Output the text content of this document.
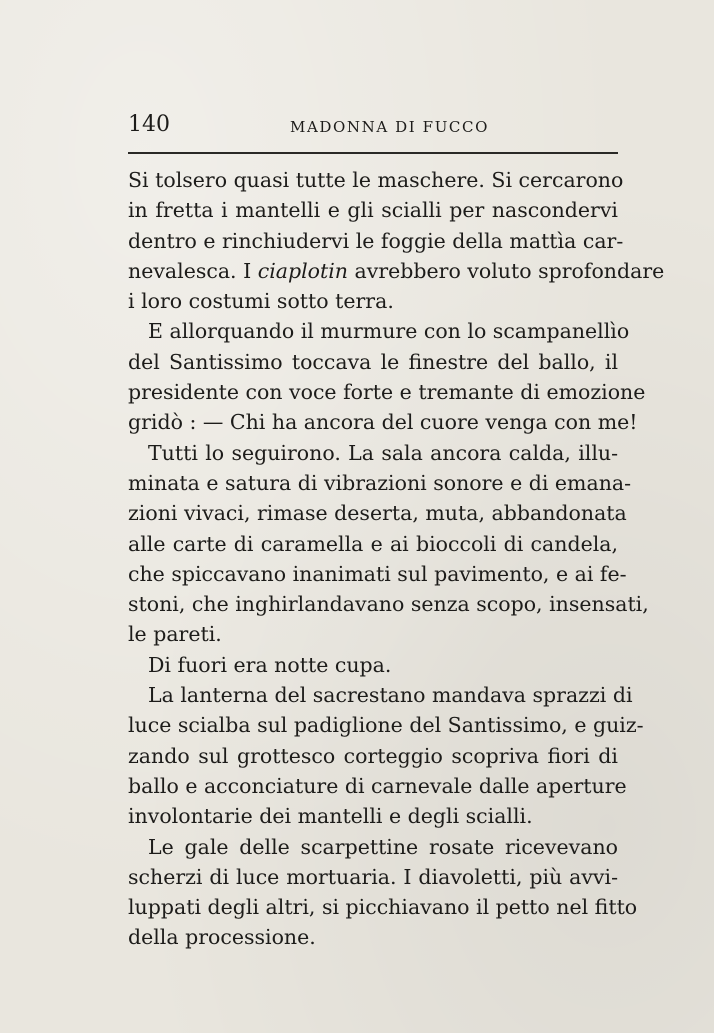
140	MADONNA DI FUCCO
Si tolsero quasi tutte le maschere. Si cercarono
in fretta i mantelli e gli scialli per nascondervi
dentro e rinchiudervi le foggie della mattìa car-
nevalesca. I ciaplotin avrebbero voluto sprofondare
i loro costumi sotto terra.
E allorquando il murmure con lo scampanellìo
del Santissimo toccava le finestre del ballo, il
presidente con voce forte e tremante di emozione
gridò : — Chi ha ancora del cuore venga con me!
Tutti lo seguirono. La sala ancora calda, illu-
minata e satura di vibrazioni sonore e di emana-
zioni vivaci, rimase deserta, muta, abbandonata
alle carte di caramella e ai bioccoli di candela,
che spiccavano inanimati sul pavimento, e ai fe-
stoni, che inghirlandavano senza scopo, insensati,
le pareti.
Di fuori era notte cupa.
La lanterna del sacrestano mandava sprazzi di
luce scialba sul padiglione del Santissimo, e guiz-
zando sul grottesco corteggio scopriva fiori di
ballo e acconciature di carnevale dalle aperture
involontarie dei mantelli e degli scialli.
Le gale delle scarpettine rosate ricevevano
scherzi di luce mortuaria. I diavoletti, più avvi-
luppati degli altri, si picchiavano il petto nel fitto
della processione.
